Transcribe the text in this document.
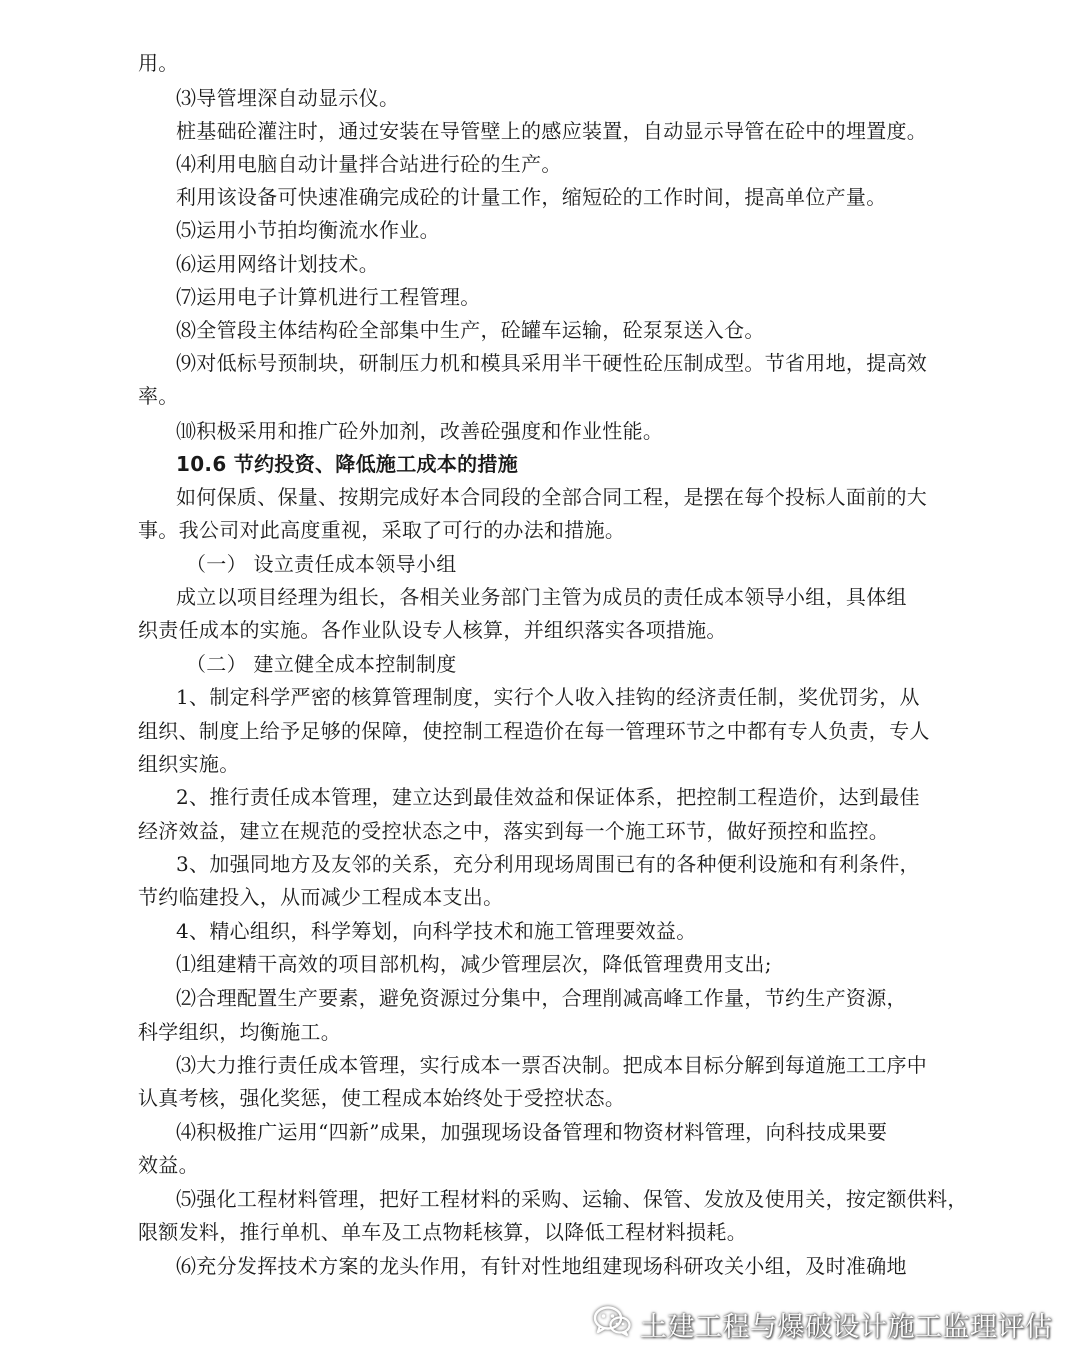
用。
⑶导管埋深自动显示仪。
桩基础砼灌注时，通过安装在导管壁上的感应装置，自动显示导管在砼中的埋置度。
⑷利用电脑自动计量拌合站进行砼的生产。
利用该设备可快速准确完成砼的计量工作，缩短砼的工作时间，提高单位产量。
⑸运用小节拍均衡流水作业。
⑹运用网络计划技术。
⑺运用电子计算机进行工程管理。
⑻全管段主体结构砼全部集中生产，砼罐车运输，砼泵泵送入仓。
⑼对低标号预制块，研制压力机和模具采用半干硬性砼压制成型。节省用地，提高效
率。
⑽积极采用和推广砼外加剂，改善砼强度和作业性能。
10.6 节约投资、降低施工成本的措施
如何保质、保量、按期完成好本合同段的全部合同工程，是摆在每个投标人面前的大
事。我公司对此高度重视，采取了可行的办法和措施。
（一） 设立责任成本领导小组
成立以项目经理为组长，各相关业务部门主管为成员的责任成本领导小组，具体组
织责任成本的实施。各作业队设专人核算，并组织落实各项措施。
（二） 建立健全成本控制制度
1、制定科学严密的核算管理制度，实行个人收入挂钩的经济责任制，奖优罚劣，从
组织、制度上给予足够的保障，使控制工程造价在每一管理环节之中都有专人负责，专人
组织实施。
2、推行责任成本管理，建立达到最佳效益和保证体系，把控制工程造价，达到最佳
经济效益，建立在规范的受控状态之中，落实到每一个施工环节，做好预控和监控。
3、加强同地方及友邻的关系，充分利用现场周围已有的各种便利设施和有利条件，
节约临建投入，从而减少工程成本支出。
4、精心组织，科学筹划，向科学技术和施工管理要效益。
⑴组建精干高效的项目部机构，减少管理层次，降低管理费用支出;
⑵合理配置生产要素，避免资源过分集中，合理削减高峰工作量，节约生产资源，
科学组织，均衡施工。
⑶大力推行责任成本管理，实行成本一票否决制。把成本目标分解到每道施工工序中
认真考核，强化奖惩，使工程成本始终处于受控状态。
⑷积极推广运用“四新”成果，加强现场设备管理和物资材料管理，向科技成果要
效益。
⑸强化工程材料管理，把好工程材料的采购、运输、保管、发放及使用关，按定额供料，
限额发料，推行单机、单车及工点物耗核算，以降低工程材料损耗。
⑹充分发挥技术方案的龙头作用，有针对性地组建现场科研攻关小组，及时准确地
土建工程与爆破设计施工监理评估
